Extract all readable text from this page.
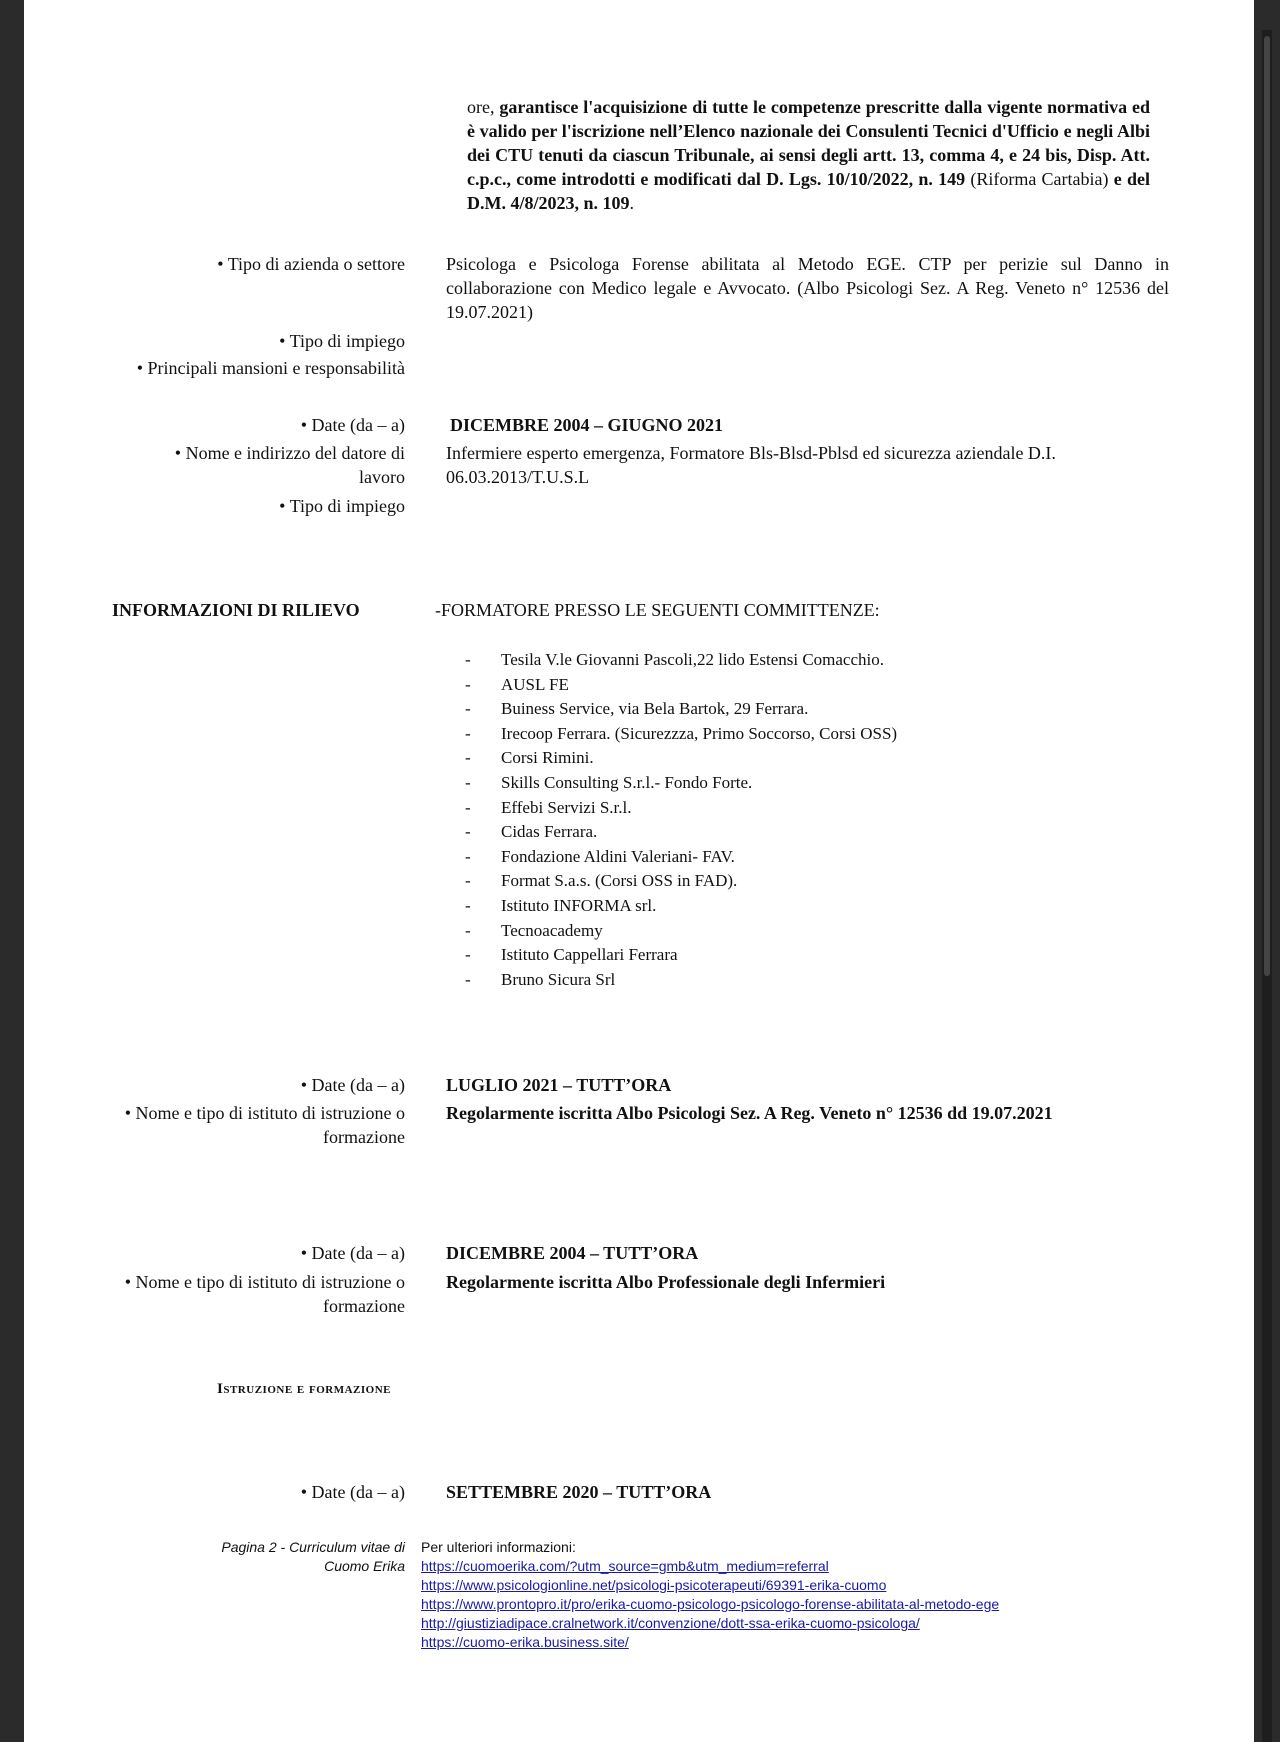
ore, garantisce l'acquisizione di tutte le competenze prescritte dalla vigente normativa ed è valido per l'iscrizione nell’Elenco nazionale dei Consulenti Tecnici d'Ufficio e negli Albi dei CTU tenuti da ciascun Tribunale, ai sensi degli artt. 13, comma 4, e 24 bis, Disp. Att. c.p.c., come introdotti e modificati dal D. Lgs. 10/10/2022, n. 149 (Riforma Cartabia) e del D.M. 4/8/2023, n. 109.
• Tipo di azienda o settore
• Tipo di impiego
• Principali mansioni e responsabilità
Psicologa e Psicologa Forense abilitata al Metodo EGE. CTP per perizie sul Danno in collaborazione con Medico legale e Avvocato. (Albo Psicologi Sez. A Reg. Veneto n° 12536 del 19.07.2021)
• Date (da – a)
• Nome e indirizzo del datore di lavoro
• Tipo di impiego
DICEMBRE 2004 – GIUGNO 2021
Infermiere esperto emergenza, Formatore Bls-Blsd-Pblsd ed sicurezza aziendale D.I. 06.03.2013/T.U.S.L
INFORMAZIONI DI RILIEVO	-FORMATORE PRESSO LE SEGUENTI COMMITTENZE:
- Tesila V.le Giovanni Pascoli,22 lido Estensi Comacchio.
- AUSL FE
- Buiness Service, via Bela Bartok, 29 Ferrara.
- Irecoop Ferrara. (Sicurezzza, Primo Soccorso, Corsi OSS)
- Corsi Rimini.
- Skills Consulting S.r.l.- Fondo Forte.
- Effebi Servizi S.r.l.
- Cidas Ferrara.
- Fondazione Aldini Valeriani- FAV.
- Format S.a.s. (Corsi OSS in FAD).
- Istituto INFORMA srl.
- Tecnoacademy
- Istituto Cappellari Ferrara
- Bruno Sicura Srl
• Date (da – a)
• Nome e tipo di istituto di istruzione o formazione
LUGLIO 2021 – TUTT’ORA
Regolarmente iscritta Albo Psicologi Sez. A Reg. Veneto n° 12536 dd 19.07.2021
• Date (da – a)
• Nome e tipo di istituto di istruzione o formazione
DICEMBRE 2004 – TUTT’ORA
Regolarmente iscritta Albo Professionale degli Infermieri
Istruzione e formazione
• Date (da – a) SETTEMBRE 2020 – TUTT’ORA
Pagina 2 - Curriculum vitae di Cuomo Erika
Per ulteriori informazioni:
https://cuomoerika.com/?utm_source=gmb&utm_medium=referral
https://www.psicologionline.net/psicologi-psicoterapeuti/69391-erika-cuomo
https://www.prontopro.it/pro/erika-cuomo-psicologo-psicologo-forense-abilitata-al-metodo-ege
http://giustiziadipace.cralnetwork.it/convenzione/dott-ssa-erika-cuomo-psicologa/
https://cuomo-erika.business.site/
